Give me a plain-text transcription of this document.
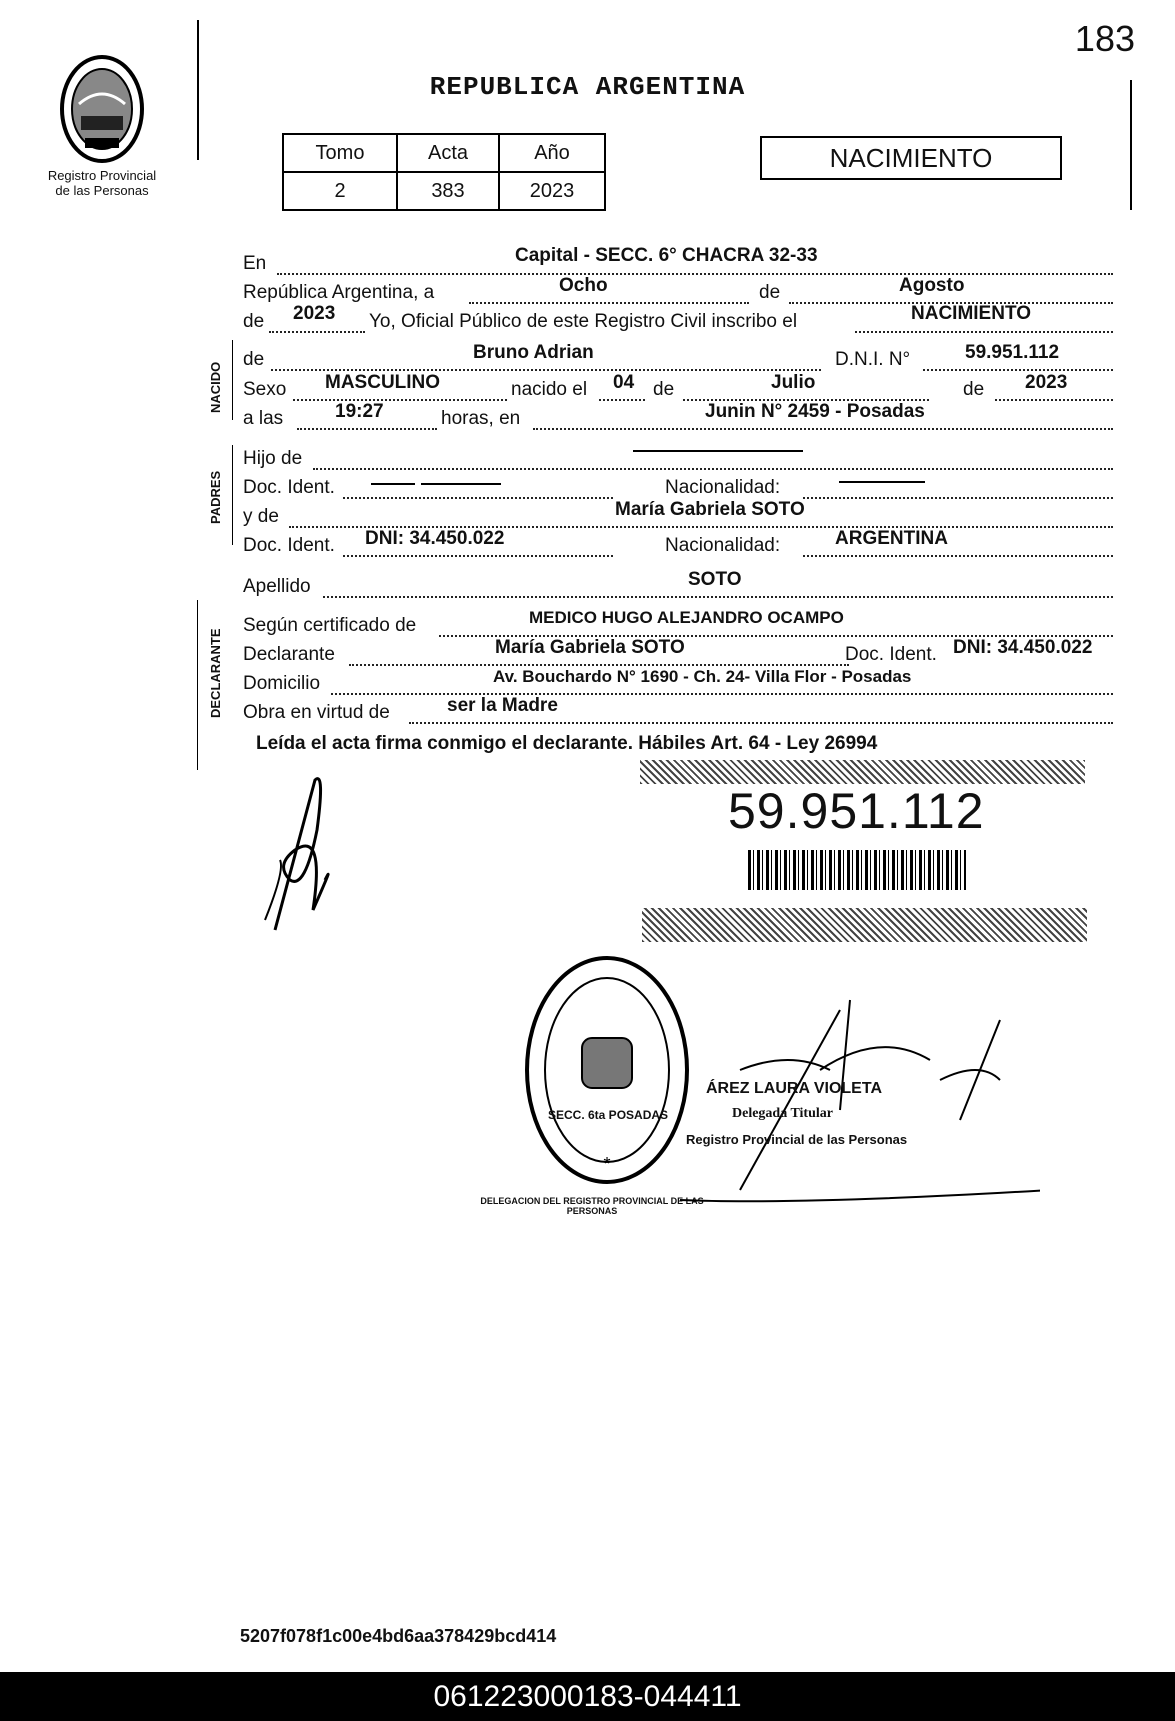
183
Registro Provincial
de las Personas
REPUBLICA ARGENTINA
Tomo	Acta	Año
2	383	2023
NACIMIENTO
NACIDO
PADRES
DECLARANTE
En	Capital - SECC. 6° CHACRA 32-33
República Argentina, a	Ocho	de	Agosto
de 2023 Yo, Oficial Público de este Registro Civil inscribo el	NACIMIENTO
de	Bruno Adrian	D.N.I. N°	59.951.112
Sexo MASCULINO	nacido el 04 de	Julio	de 2023
a las	19:27	horas, en	Junin N° 2459 - Posadas
Hijo de
Doc. Ident.	Nacionalidad:
y de	María Gabriela SOTO
Doc. Ident. DNI: 34.450.022	Nacionalidad:	ARGENTINA
Apellido	SOTO
Según certificado de	MEDICO HUGO ALEJANDRO OCAMPO
Declarante	María Gabriela SOTO	Doc. Ident. DNI: 34.450.022
Domicilio	Av. Bouchardo N° 1690 - Ch. 24- Villa Flor - Posadas
Obra en virtud de	ser la Madre
Leída el acta firma conmigo el declarante. Hábiles Art. 64 - Ley 26994
59.951.112
*
DELEGACION DEL REGISTRO PROVINCIAL DE LAS PERSONAS
SECC. 6ta POSADAS
ÁREZ LAURA VIOLETA
Delegada Titular
Registro Provincial de las Personas
5207f078f1c00e4bd6aa378429bcd414
061223000183-044411
